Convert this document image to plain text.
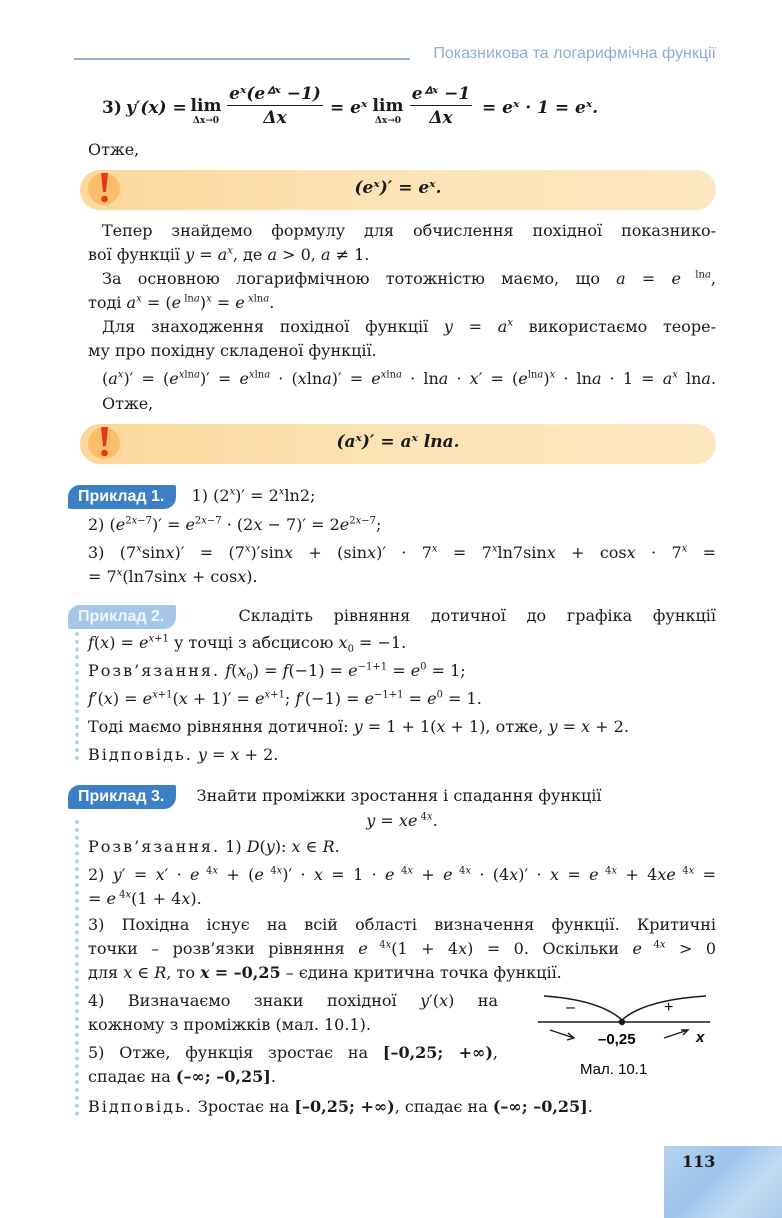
Показникова та логарифмічна функції
3) y′(x) = lim
Δx→0
eˣ(eᐞˣ −1)
Δx	= eˣ lim
Δx→0
eᐞˣ −1
Δx	= eˣ · 1 = eˣ.
Отже,
(eˣ)′ = eˣ.
Тепер знайдемо формулу для обчислення похідної показнико-
вої функції $y = a^x$, де a > 0, a ≠ 1.
За основною логарифмічною тотожністю маємо, що a = e $^{lna}$,
тоді $a^x = (e$ $^{lna}$)$^x$ = e $^{xlna}$.
Для знаходження похідної функції $y = a^x$ використаємо теоре-
му про похідну складеної функції.
$(a^x)' = (e^{xlna})' = e^{xlna} \cdot (xlna)' = e^{xlna} \cdot \ln a \cdot x' = (e^{lna})^x \cdot \ln a \cdot 1 = a^x$ lna.
Отже,
(aˣ)′ = aˣ lna.
Приклад 1.   1) $(2^x)' = 2^x\ln 2$;
2) $(e^{2x-7})' = e^{2x-7} \cdot (2x - 7)' = 2e^{2x-7}$;
3) $(7^x\sin x)' = (7^x)'\sin x + (\sin x)' \cdot 7^x = 7^x\ln 7\sin x + \cos x \cdot 7^x$ =
= $7^x(\ln 7\sin x + \cos x)$.
Приклад 2.   Складіть рівняння дотичної до графіка функції
$f(x) = e^{x+1}$ у точці з абсцисою $x_0 = -1$.
Розв’язання. $f(x_0) = f(-1) = e^{-1+1} = e^0 = 1$;
$f'(x) = e^{x+1}(x + 1)' = e^{x+1}$; $f'(-1) = e^{-1+1} = e^0 = 1$.
Тоді маємо рівняння дотичної: y = 1 + 1(x + 1), отже, y = x + 2.
Відповідь. y = x + 2.
Приклад 3.    Знайти проміжки зростання і спадання функції
y = xe $^{4x}$.
Розв’язання. 1) D(y): x ∈ R.
2) y′ = x′ · e $^{4x}$ + (e $^{4x}$)′ · x = 1 · e $^{4x}$ + e $^{4x}$ · (4x)′ · x = e $^{4x}$ + 4xe $^{4x}$ =
= e $^{4x}$(1 + 4x).
3) Похідна існує на всій області визначення функції. Критичні
точки – розв’язки рівняння e $^{4x}$(1 + 4x) = 0. Оскільки e $^{4x}$ > 0
для x ∈ R, то x = –0,25 – єдина критична точка функції.
4) Визначаємо знаки похідної y′(x) на
кожному з проміжків (мал. 10.1).
5) Отже, функція зростає на [–0,25; +∞),
спадає на (–∞; –0,25].
Відповідь. Зростає на [–0,25; +∞), спадає на (–∞; –0,25].
–	+
–0,25	x
Мал. 10.1
113
